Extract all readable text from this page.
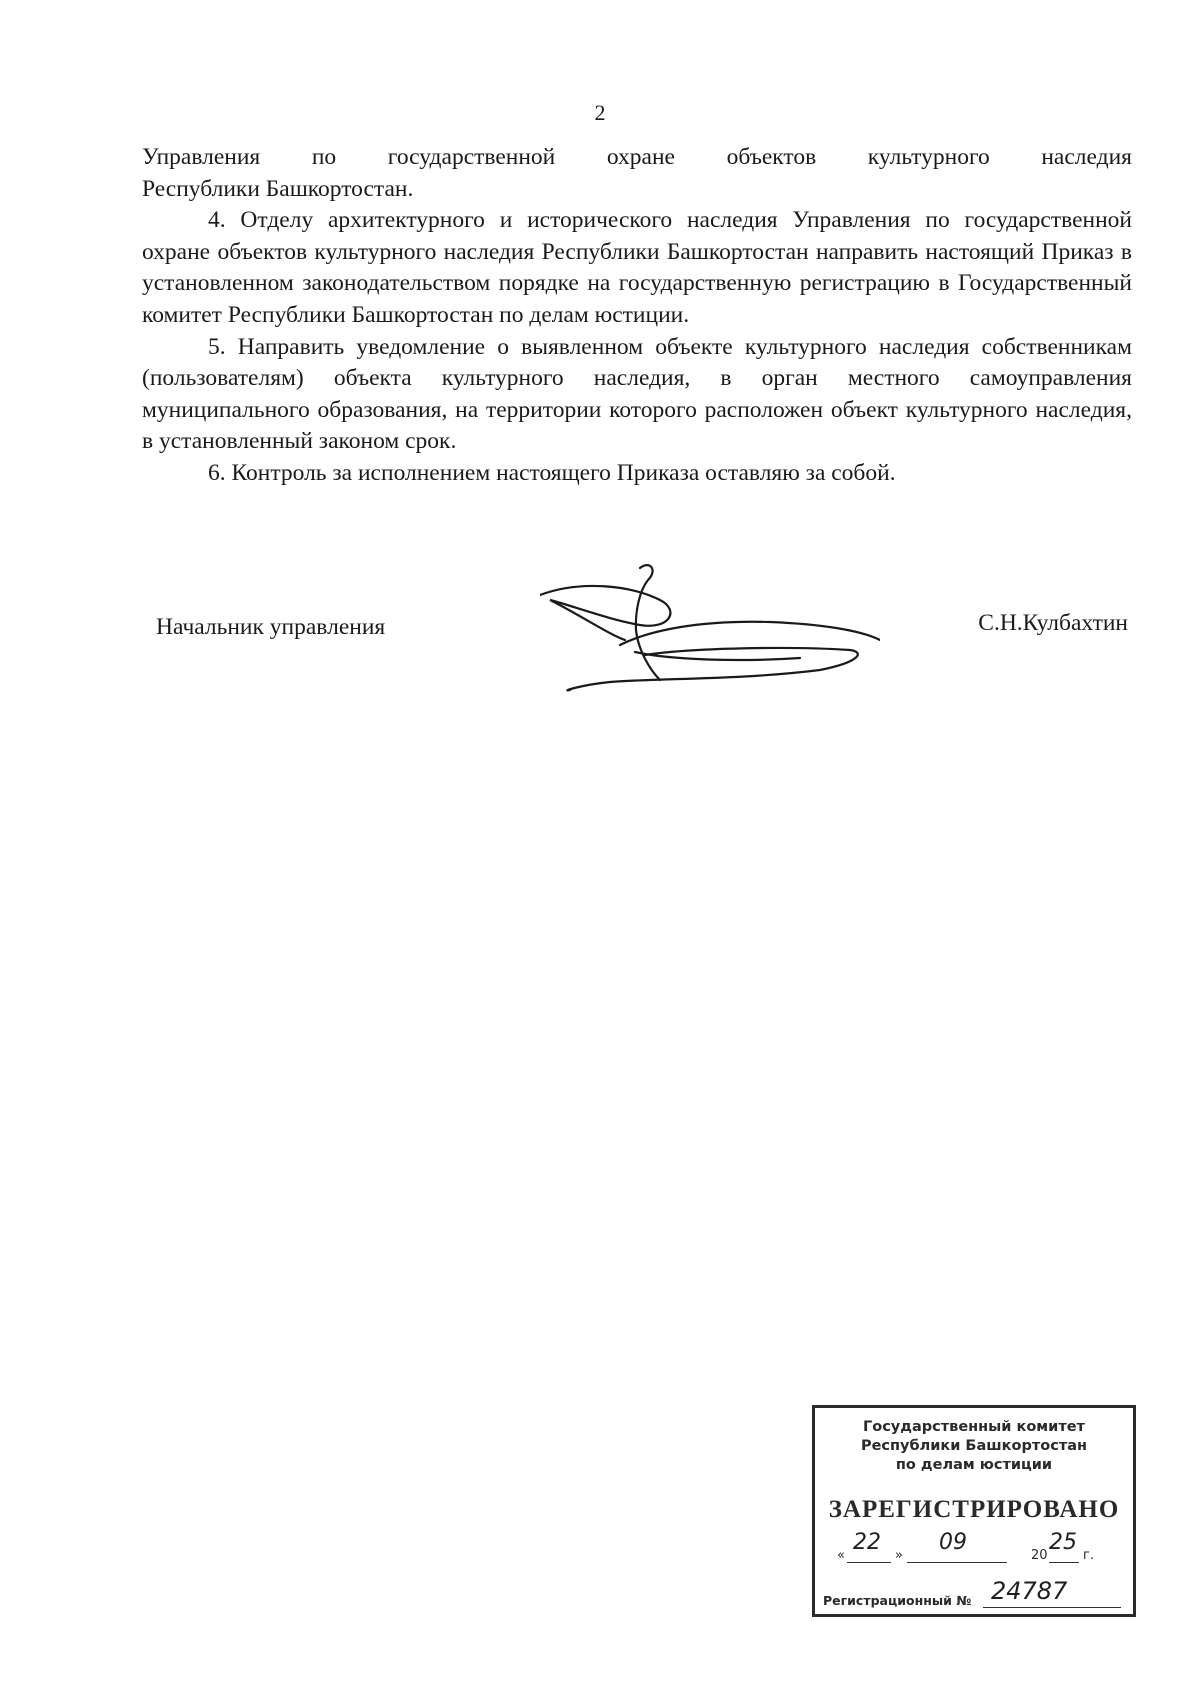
2

Управления по государственной охране объектов культурного наследия
Республики Башкортостан.

4. Отделу архитектурного и исторического наследия Управления по государственной охране объектов культурного наследия Республики Башкортостан направить настоящий Приказ в установленном законодательством порядке на государственную регистрацию в Государственный комитет Республики Башкортостан по делам юстиции.

5. Направить уведомление о выявленном объекте культурного наследия собственникам (пользователям) объекта культурного наследия, в орган местного самоуправления муниципального образования, на территории которого расположен объект культурного наследия, в установленный законом срок.

6. Контроль за исполнением настоящего Приказа оставляю за собой.

Начальник управления	С.Н.Кулбахтин
Государственный комитет
Республики Башкортостан
по делам юстиции
ЗАРЕГИСТРИРОВАНО
«
22
»
09
20
25
г.
Регистрационный № 24787
